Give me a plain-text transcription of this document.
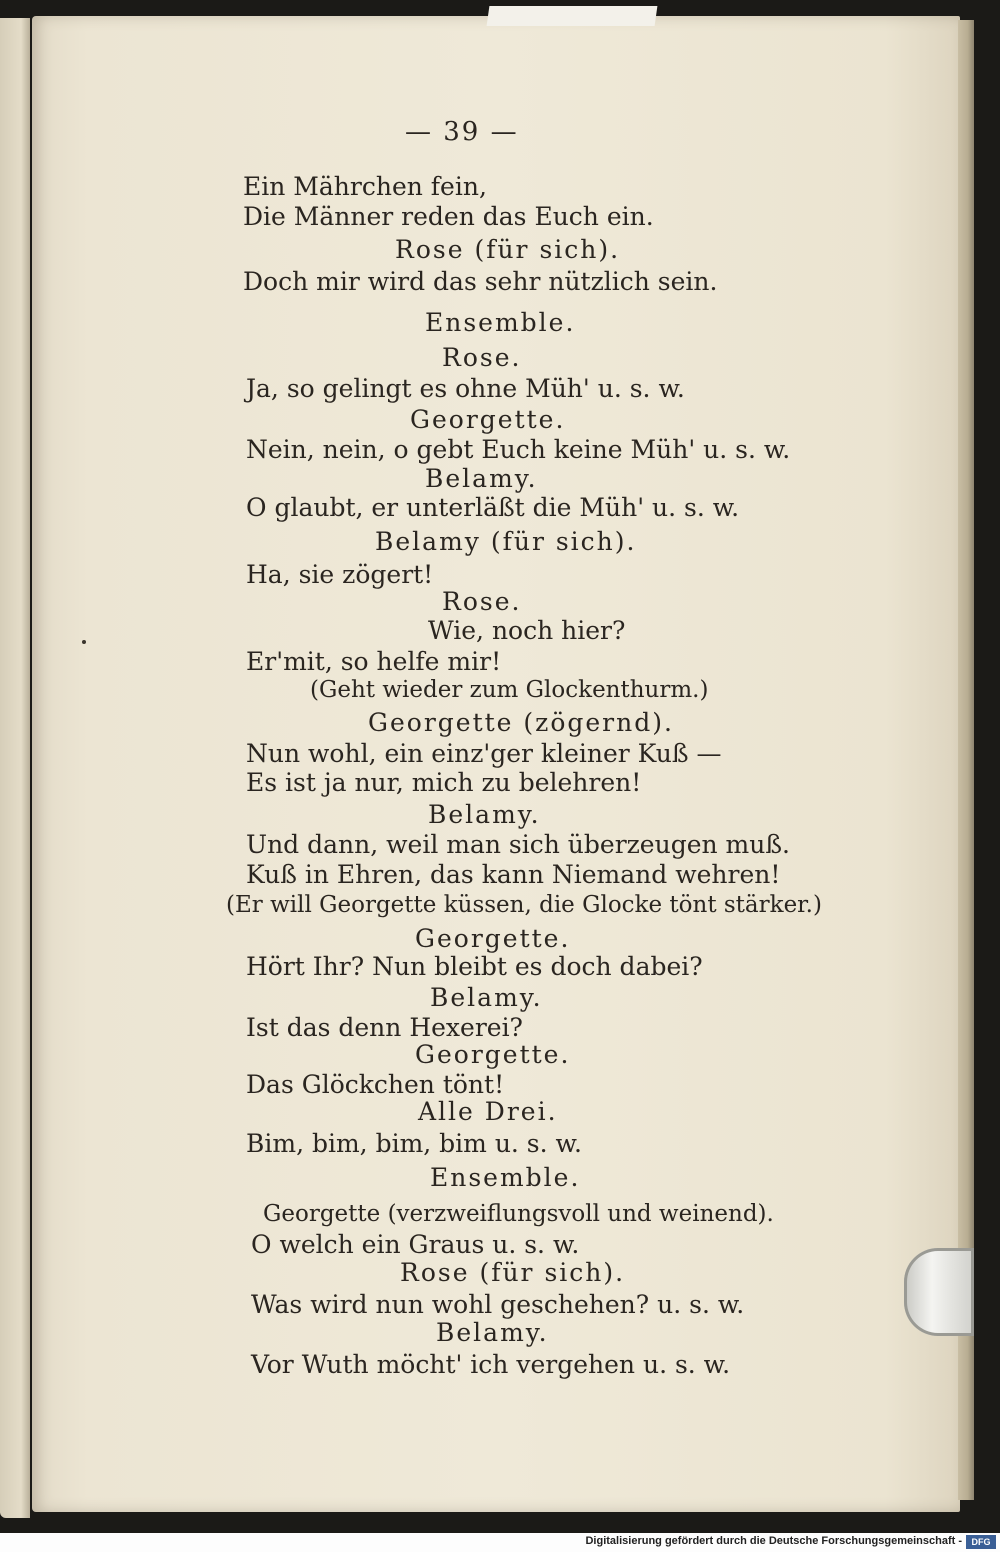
— 39 —
Ein Mährchen fein,
Die Männer reden das Euch ein.
Rose (für sich).
Doch mir wird das sehr nützlich sein.
Ensemble.
Rose.
Ja, so gelingt es ohne Müh' u. s. w.
Georgette.
Nein, nein, o gebt Euch keine Müh' u. s. w.
Belamy.
O glaubt, er unterläßt die Müh' u. s. w.
Belamy (für sich).
Ha, sie zögert!
Rose.
Wie, noch hier?
Er'mit, so helfe mir!
(Geht wieder zum Glockenthurm.)
Georgette (zögernd).
Nun wohl, ein einz'ger kleiner Kuß —
Es ist ja nur, mich zu belehren!
Belamy.
Und dann, weil man sich überzeugen muß.
Kuß in Ehren, das kann Niemand wehren!
(Er will Georgette küssen, die Glocke tönt stärker.)
Georgette.
Hört Ihr? Nun bleibt es doch dabei?
Belamy.
Ist das denn Hexerei?
Georgette.
Das Glöckchen tönt!
Alle Drei.
Bim, bim, bim, bim u. s. w.
Ensemble.
Georgette (verzweiflungsvoll und weinend).
O welch ein Graus u. s. w.
Rose (für sich).
Was wird nun wohl geschehen? u. s. w.
Belamy.
Vor Wuth möcht' ich vergehen u. s. w.
Digitalisierung gefördert durch die Deutsche Forschungsgemeinschaft -	DFG
